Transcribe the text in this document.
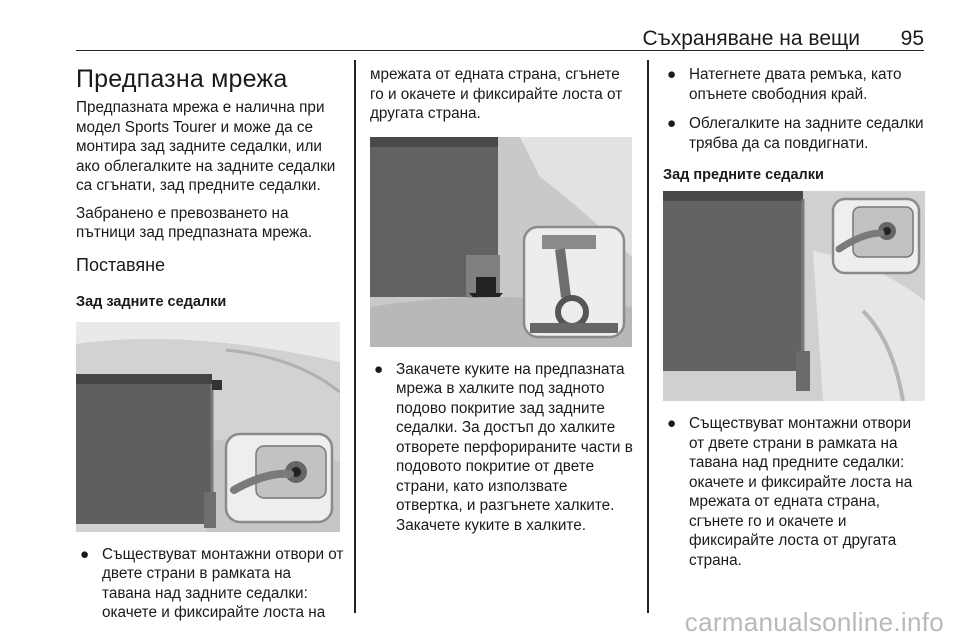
Съхраняване на вещи 95
Предпазна мрежа

Предпазната мрежа е налична при модел Sports Tourer и може да се монтира зад задните седалки, или ако облегалките на задните седалки са сгънати, зад предните седалки.

Забранено е превозването на пътници зад предпазната мрежа.

Поставяне
Зад задните седалки
● Съществуват монтажни отвори от двете страни в рамката на тавана над задните седалки: окачете и фиксирайте лоста на

мрежата от едната страна, сгънете го и окачете и фиксирайте лоста от другата страна.

● Закачете куките на предпазната мрежа в халките под задното подово покритие зад задните седалки. За достъп до халките отворете перфорираните части в подовото покритие от двете страни, като използвате отвертка, и разгънете халките. Закачете куките в халките.
● Натегнете двата ремъка, като опънете свободния край.
● Облегалките на задните седалки трябва да са повдигнати.
Зад предните седалки
● Съществуват монтажни отвори от двете страни в рамката на тавана над предните седалки: окачете и фиксирайте лоста на мрежата от едната страна, сгънете го и окачете и фиксирайте лоста от другата страна.
carmanualsonline.info
